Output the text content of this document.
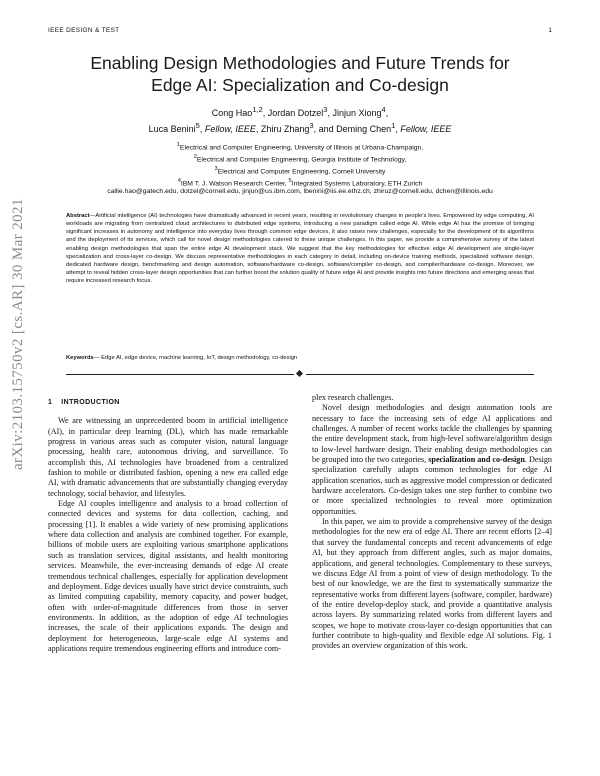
IEEE DESIGN & TEST	1
arXiv:2103.15750v2 [cs.AR] 30 Mar 2021
Enabling Design Methodologies and Future Trends for
Edge AI: Specialization and Co-design
Cong Hao$^{1,2}$, Jordan Dotzel$^3$, Jinjun Xiong$^4$,
Luca Benini$^5$, Fellow, IEEE, Zhiru Zhang$^3$, and Deming Chen$^1$, Fellow, IEEE
$^1$Electrical and Computer Engineering, University of Illinois at Urbana-Champaign,
$^2$Electrical and Computer Engineering, Georgia Institute of Technology,
$^3$Electrical and Computer Engineering, Cornell University
$^4$IBM T. J. Watson Research Center, $^5$Integrated Systems Laboratory, ETH Zurich
callie.hao@gatech.edu, dotzel@cornell.edu, jinjun@us.ibm.com, lbenini@iis.ee.ethz.ch, zhiruz@cornell.edu, dchen@illinois.edu
Abstract—Artificial intelligence (AI) technologies have dramatically advanced in recent years, resulting in revolutionary changes in people's lives. Empowered by edge computing, AI workloads are migrating from centralized cloud architectures to distributed edge systems, introducing a new paradigm called edge AI. While edge AI has the promise of bringing significant increases in autonomy and intelligence into everyday lives through common edge devices, it also raises new challenges, especially for the development of its algorithms and the deployment of its services, which call for novel design methodologies catered to these unique challenges. In this paper, we provide a comprehensive survey of the latest enabling design methodologies that span the entire edge AI development stack. We suggest that the key methodologies for effective edge AI development are single-layer specialization and cross-layer co-design. We discuss representative methodologies in each category in detail, including on-device training methods, specialized software design, dedicated hardware design, benchmarking and design automation, software/hardware co-design, software/compiler co-design, and compiler/hardware co-design. Moreover, we attempt to reveal hidden cross-layer design opportunities that can further boost the solution quality of future edge AI and provide insights into future directions and emerging areas that require increased research focus.
Keywords— Edge AI, edge device, machine learning, IoT, design methodology, co-design
1 INTRODUCTION

We are witnessing an unprecedented boom in artificial intelligence (AI), in particular deep learning (DL), which has made remarkable progress in various areas such as computer vision, natural language processing, health care, autonomous driving, and surveillance. To accomplish this, AI technologies have broadened from a centralized fashion to mobile or distributed fashion, opening a new era called edge AI, with dramatic advancements that are substantially changing everyday technology, social behavior, and lifestyles.

Edge AI couples intelligence and analysis to a broad collection of connected devices and systems for data collection, caching, and processing [1]. It enables a wide variety of new promising applications where data collection and analysis are combined together. For example, billions of mobile users are exploiting various smartphone applications such as translation services, digital assistants, and health monitoring services. Meanwhile, the ever-increasing demands of edge AI create tremendous technical challenges, especially for application development and deployment. Edge devices usually have strict device constraints, such as limited computing capability, memory capacity, and power budget, often with order-of-magnitude differences from those in server environments. In addition, as the adoption of edge AI technologies increases, the scale of their applications expands. The design and deployment for heterogeneous, large-scale edge AI systems and applications require tremendous engineering efforts and introduce com-

plex research challenges.

Novel design methodologies and design automation tools are necessary to face the increasing sets of edge AI applications and challenges. A number of recent works tackle the challenges by spanning the entire development stack, from high-level software/algorithm design to low-level hardware design. Their enabling design methodologies can be grouped into the two categories, specialization and co-design. Design specialization carefully adapts common technologies for edge AI application scenarios, such as aggressive model compression or dedicated hardware accelerators. Co-design takes one step further to combine two or more specialized technologies to reveal more optimization opportunities.

In this paper, we aim to provide a comprehensive survey of the design methodologies for the new era of edge AI. There are recent efforts [2–4] that survey the fundamental concepts and recent advancements of edge AI, but they approach from different angles, such as major domains, applications, and general technologies. Complementary to these surveys, we discuss Edge AI from a point of view of design methodology. To the best of our knowledge, we are the first to systematically summarize the representative works from different layers (software, compiler, hardware) of the entire develop-deploy stack, and provide a quantitative analysis across layers. By summarizing related works from different layers and scopes, we hope to motivate cross-layer co-design opportunities that can further contribute to high-quality and flexible edge AI solutions. Fig. 1 provides an overview organization of this work.
